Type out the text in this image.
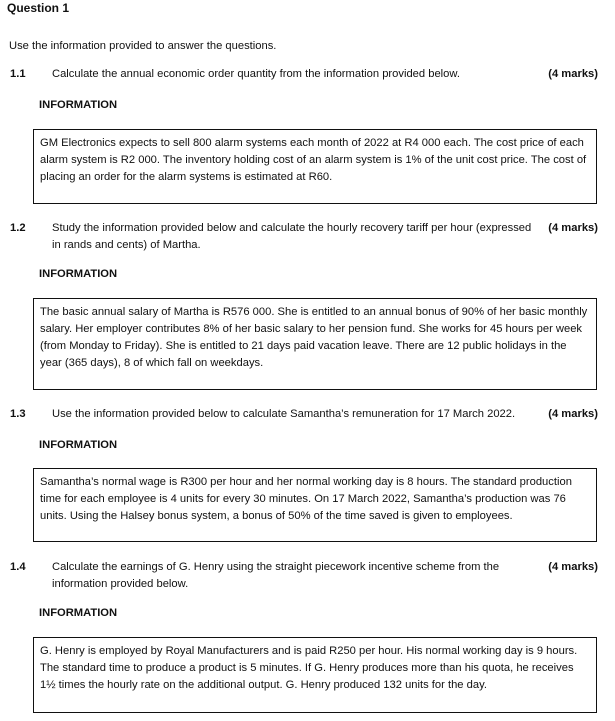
Question 1
Use the information provided to answer the questions.
1.1 Calculate the annual economic order quantity from the information provided below.	(4 marks)
INFORMATION

GM Electronics expects to sell 800 alarm systems each month of 2022 at R4 000 each. The cost price of each alarm system is R2 000. The inventory holding cost of an alarm system is 1% of the unit cost price. The cost of placing an order for the alarm systems is estimated at R60.

1.2 Study the information provided below and calculate the hourly recovery tariff per hour (expressed in rands and cents) of Martha.
(4 marks)
INFORMATION

The basic annual salary of Martha is R576 000. She is entitled to an annual bonus of 90% of her basic monthly salary. Her employer contributes 8% of her basic salary to her pension fund. She works for 45 hours per week (from Monday to Friday). She is entitled to 21 days paid vacation leave. There are 12 public holidays in the year (365 days), 8 of which fall on weekdays.

1.3 Use the information provided below to calculate Samantha’s remuneration for 17 March 2022.	(4 marks)
INFORMATION

Samantha’s normal wage is R300 per hour and her normal working day is 8 hours. The standard production time for each employee is 4 units for every 30 minutes. On 17 March 2022, Samantha’s production was 76 units. Using the Halsey bonus system, a bonus of 50% of the time saved is given to employees.

1.4 Calculate the earnings of G. Henry using the straight piecework incentive scheme from the information provided below.
(4 marks)
INFORMATION

G. Henry is employed by Royal Manufacturers and is paid R250 per hour. His normal working day is 9 hours. The standard time to produce a product is 5 minutes. If G. Henry produces more than his quota, he receives 1½ times the hourly rate on the additional output. G. Henry produced 132 units for the day.
